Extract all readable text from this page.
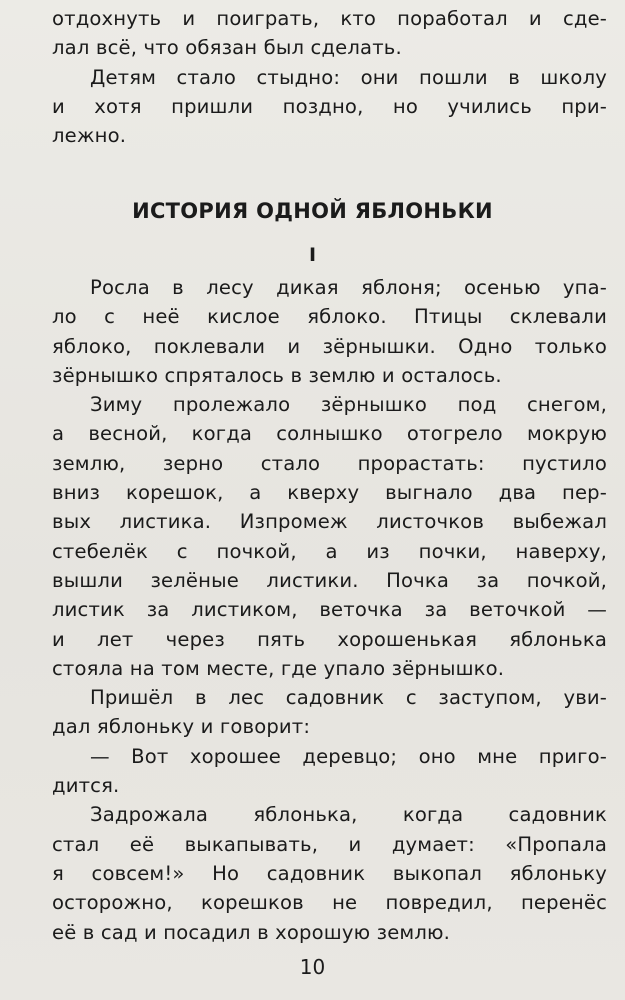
отдохнуть и поиграть, кто поработал и сде-
лал всё, что обязан был сделать.
Детям стало стыдно: они пошли в школу
и хотя пришли поздно, но учились при-
лежно.
ИСТОРИЯ ОДНОЙ ЯБЛОНЬКИ
I
Росла в лесу дикая яблоня; осенью упа-
ло с неё кислое яблоко. Птицы склевали
яблоко, поклевали и зёрнышки. Одно только
зёрнышко спряталось в землю и осталось.
Зиму пролежало зёрнышко под снегом,
а весной, когда солнышко отогрело мокрую
землю, зерно стало прорастать: пустило
вниз корешок, а кверху выгнало два пер-
вых листика. Изпромеж листочков выбежал
стебелёк с почкой, а из почки, наверху,
вышли зелёные листики. Почка за почкой,
листик за листиком, веточка за веточкой —
и лет через пять хорошенькая яблонька
стояла на том месте, где упало зёрнышко.
Пришёл в лес садовник с заступом, уви-
дал яблоньку и говорит:
— Вот хорошее деревцо; оно мне приго-
дится.
Задрожала яблонька, когда садовник
стал её выкапывать, и думает: «Пропала
я совсем!» Но садовник выкопал яблоньку
осторожно, корешков не повредил, перенёс
её в сад и посадил в хорошую землю.
10
